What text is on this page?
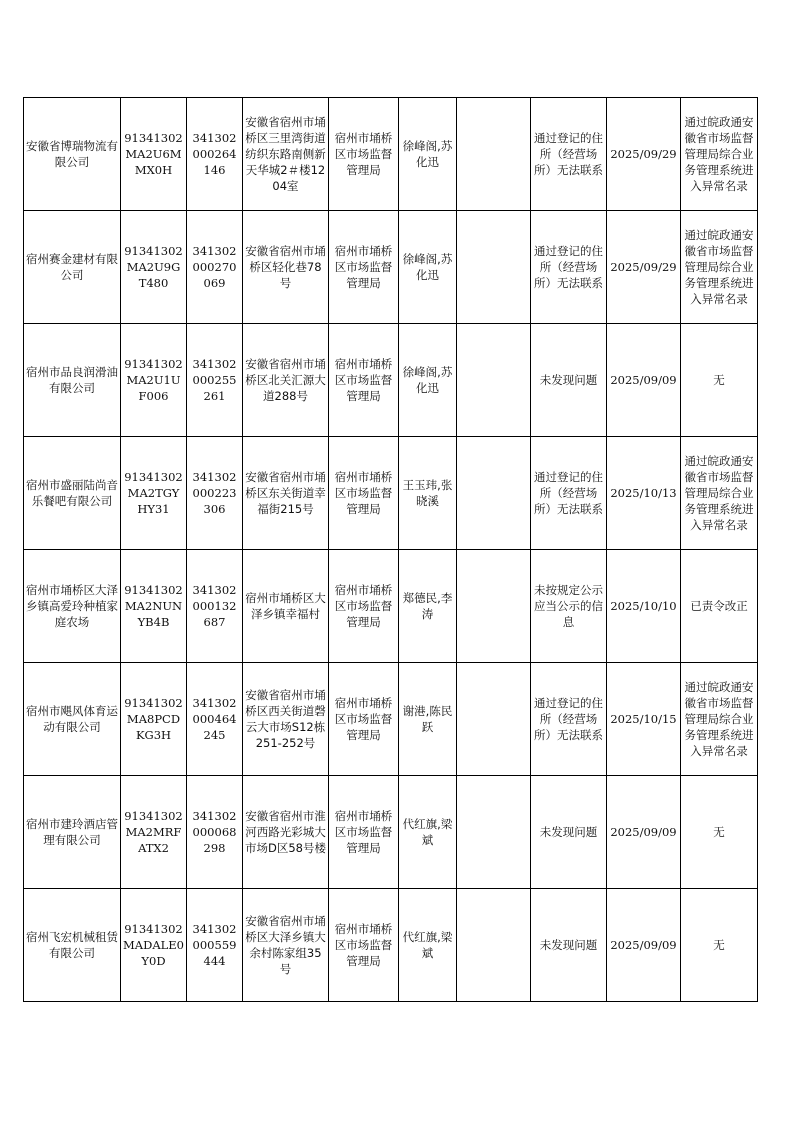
安徽省博瑞物流有限公司	91341302MA2U6MMX0H	341302000264146	安徽省宿州市埇桥区三里湾街道纺织东路南侧新天华城2＃楼1204室	宿州市埇桥区市场监督管理局	徐峰阁,苏化迅		通过登记的住所（经营场所）无法联系	2025/09/29	通过皖政通安徽省市场监督管理局综合业务管理系统进入异常名录
宿州赛金建材有限公司	91341302MA2U9GT480	341302000270069	安徽省宿州市埇桥区轻化巷78号	宿州市埇桥区市场监督管理局	徐峰阁,苏化迅		通过登记的住所（经营场所）无法联系	2025/09/29	通过皖政通安徽省市场监督管理局综合业务管理系统进入异常名录
宿州市品良润滑油有限公司	91341302MA2U1UF006	341302000255261	安徽省宿州市埇桥区北关汇源大道288号	宿州市埇桥区市场监督管理局	徐峰阁,苏化迅		未发现问题	2025/09/09	无
宿州市盛丽陆尚音乐餐吧有限公司	91341302MA2TGYHY31	341302000223306	安徽省宿州市埇桥区东关街道幸福街215号	宿州市埇桥区市场监督管理局	王玉玮,张晓溪		通过登记的住所（经营场所）无法联系	2025/10/13	通过皖政通安徽省市场监督管理局综合业务管理系统进入异常名录
宿州市埇桥区大泽乡镇高爱玲种植家庭农场	91341302MA2NUNYB4B	341302000132687	宿州市埇桥区大泽乡镇幸福村	宿州市埇桥区市场监督管理局	郑德民,李涛		未按规定公示应当公示的信息	2025/10/10	已责令改正
宿州市飓风体育运动有限公司	91341302MA8PCDKG3H	341302000464245	安徽省宿州市埇桥区西关街道磬云大市场S12栋251-252号	宿州市埇桥区市场监督管理局	谢港,陈民跃		通过登记的住所（经营场所）无法联系	2025/10/15	通过皖政通安徽省市场监督管理局综合业务管理系统进入异常名录
宿州市建玲酒店管理有限公司	91341302MA2MRFATX2	341302000068298	安徽省宿州市淮河西路光彩城大市场D区58号楼	宿州市埇桥区市场监督管理局	代红旗,梁斌		未发现问题	2025/09/09	无
宿州飞宏机械租赁有限公司	91341302MADALE0Y0D	341302000559444	安徽省宿州市埇桥区大泽乡镇大余村陈家组35号	宿州市埇桥区市场监督管理局	代红旗,梁斌		未发现问题	2025/09/09	无
